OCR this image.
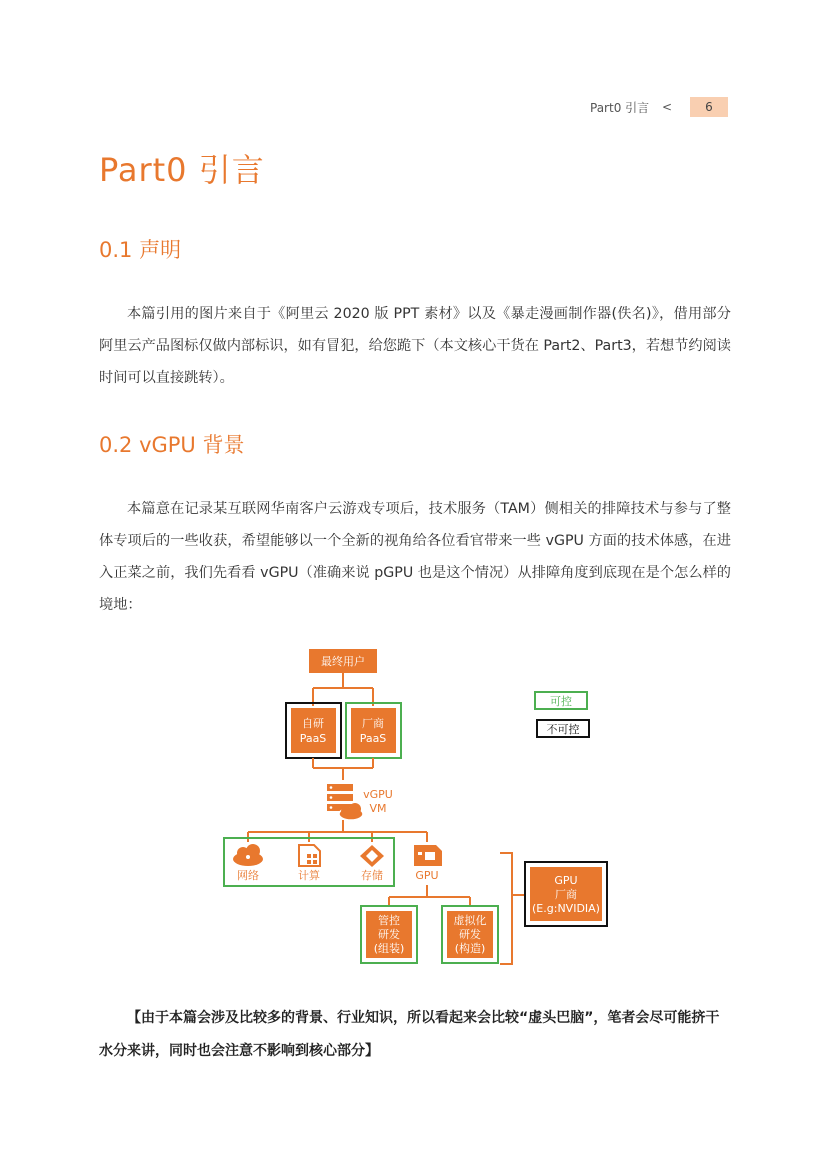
Part0 引言 <	6
Part0 引言
0.1 声明
本篇引用的图片来自于《阿里云 2020 版 PPT 素材》以及《暴走漫画制作器(佚名)》，借用部分阿里云产品图标仅做内部标识，如有冒犯，给您跪下（本文核心干货在 Part2、Part3，若想节约阅读时间可以直接跳转）。
0.2 vGPU 背景
本篇意在记录某互联网华南客户云游戏专项后，技术服务（TAM）侧相关的排障技术与参与了整体专项后的一些收获，希望能够以一个全新的视角给各位看官带来一些 vGPU 方面的技术体感，在进入正菜之前，我们先看看 vGPU（准确来说 pGPU 也是这个情况）从排障角度到底现在是个怎么样的境地：
最终用户
自研
PaaS
厂商
PaaS
vGPU
VM
网络	计算	存储	GPU
管控
研发
(组装)
虚拟化
研发
(构造)
GPU
厂商
(E.g:NVIDIA)
可控
不可控
【由于本篇会涉及比较多的背景、行业知识，所以看起来会比较“虚头巴脑”，笔者会尽可能挤干水分来讲，同时也会注意不影响到核心部分】
